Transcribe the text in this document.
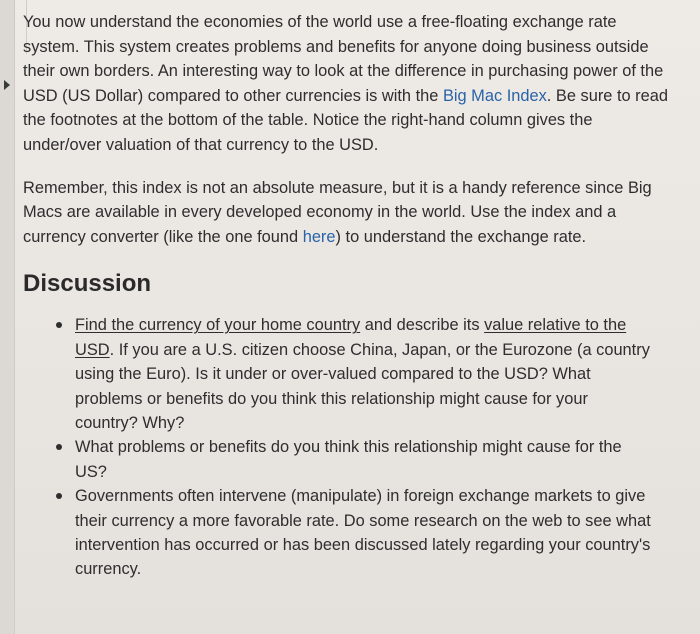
You now understand the economies of the world use a free-floating exchange rate system. This system creates problems and benefits for anyone doing business outside their own borders. An interesting way to look at the difference in purchasing power of the USD (US Dollar) compared to other currencies is with the Big Mac Index. Be sure to read the footnotes at the bottom of the table. Notice the right-hand column gives the under/over valuation of that currency to the USD.

Remember, this index is not an absolute measure, but it is a handy reference since Big Macs are available in every developed economy in the world. Use the index and a currency converter (like the one found here) to understand the exchange rate.

Discussion
Find the currency of your home country and describe its value relative to the USD. If you are a U.S. citizen choose China, Japan, or the Eurozone (a country using the Euro). Is it under or over-valued compared to the USD? What problems or benefits do you think this relationship might cause for your country? Why?
What problems or benefits do you think this relationship might cause for the US?
Governments often intervene (manipulate) in foreign exchange markets to give their currency a more favorable rate. Do some research on the web to see what intervention has occurred or has been discussed lately regarding your country's currency.
